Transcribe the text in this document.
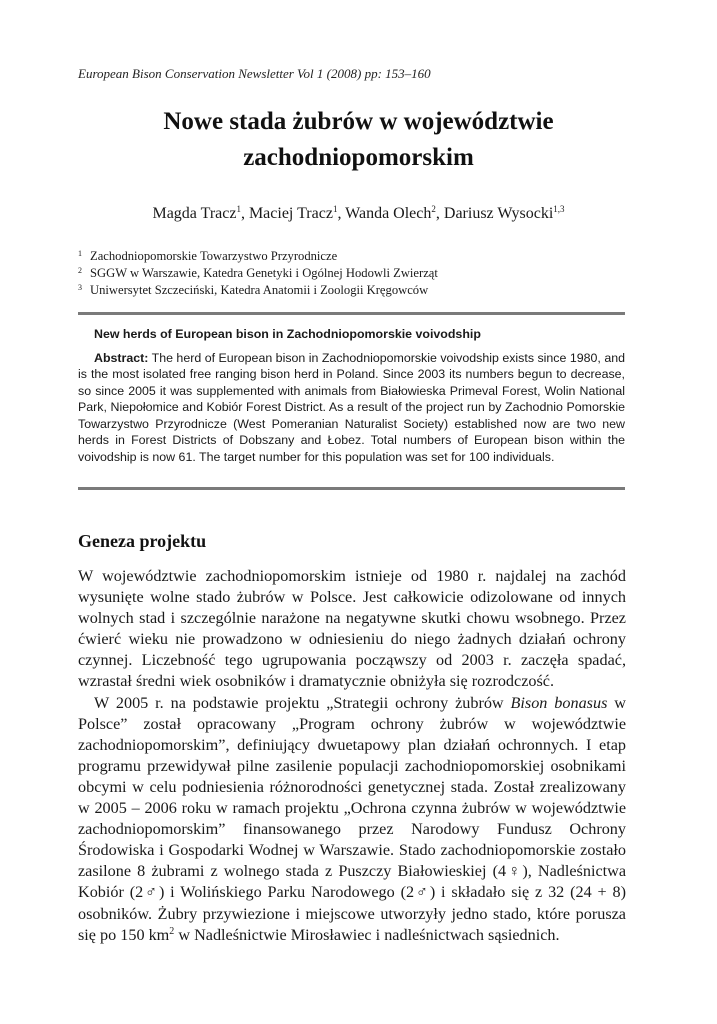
European Bison Conservation Newsletter Vol 1 (2008) pp: 153–160
Nowe stada żubrów w województwie
zachodniopomorskim
Magda Tracz$^1$, Maciej Tracz$^1$, Wanda Olech$^2$, Dariusz Wysocki$^{1,3}$
1 Zachodniopomorskie Towarzystwo Przyrodnicze
2 SGGW w Warszawie, Katedra Genetyki i Ogólnej Hodowli Zwierząt
3 Uniwersytet Szczeciński, Katedra Anatomii i Zoologii Kręgowców
New herds of European bison in Zachodniopomorskie voivodship

Abstract: The herd of European bison in Zachodniopomorskie voivodship exists since 1980, and is the most isolated free ranging bison herd in Poland. Since 2003 its numbers begun to decrease, so since 2005 it was supplemented with animals from Białowieska Primeval Forest, Wolin National Park, Niepołomice and Kobiór Forest District. As a result of the project run by Zachodnio Pomorskie Towarzystwo Przyrodnicze (West Pomeranian Naturalist Society) established now are two new herds in Forest Districts of Dobszany and Łobez. Total numbers of European bison within the voivodship is now 61. The target number for this population was set for 100 individuals.

Geneza projektu

W województwie zachodniopomorskim istnieje od 1980 r. najdalej na zachód wysunięte wolne stado żubrów w Polsce. Jest całkowicie odizolowane od innych wolnych stad i szczególnie narażone na negatywne skutki chowu wsobnego. Przez ćwierć wieku nie prowadzono w odniesieniu do niego żadnych działań ochrony czynnej. Liczebność tego ugrupowania począwszy od 2003 r. zaczęła spadać, wzrastał średni wiek osobników i dramatycznie obniżyła się rozrodczość.

W 2005 r. na podstawie projektu „Strategii ochrony żubrów Bison bonasus w Polsce” został opracowany „Program ochrony żubrów w województwie zachodniopomorskim”, definiujący dwuetapowy plan działań ochronnych. I etap programu przewidywał pilne zasilenie populacji zachodniopomorskiej osobnikami obcymi w celu podniesienia różnorodności genetycznej stada. Został zrealizowany w 2005 – 2006 roku w ramach projektu „Ochrona czynna żubrów w województwie zachodniopomorskim” finansowanego przez Narodowy Fundusz Ochrony Środowiska i Gospodarki Wodnej w Warszawie. Stado zachodniopomorskie zostało zasilone 8 żubrami z wolnego stada z Puszczy Białowieskiej (4♀), Nadleśnictwa Kobiór (2♂) i Wolińskiego Parku Narodowego (2♂) i składało się z 32 (24 + 8) osobników. Żubry przywiezione i miejscowe utworzyły jedno stado, które porusza się po 150 $km^2$ w Nadleśnictwie Mirosławiec i nadleśnictwach sąsiednich.
